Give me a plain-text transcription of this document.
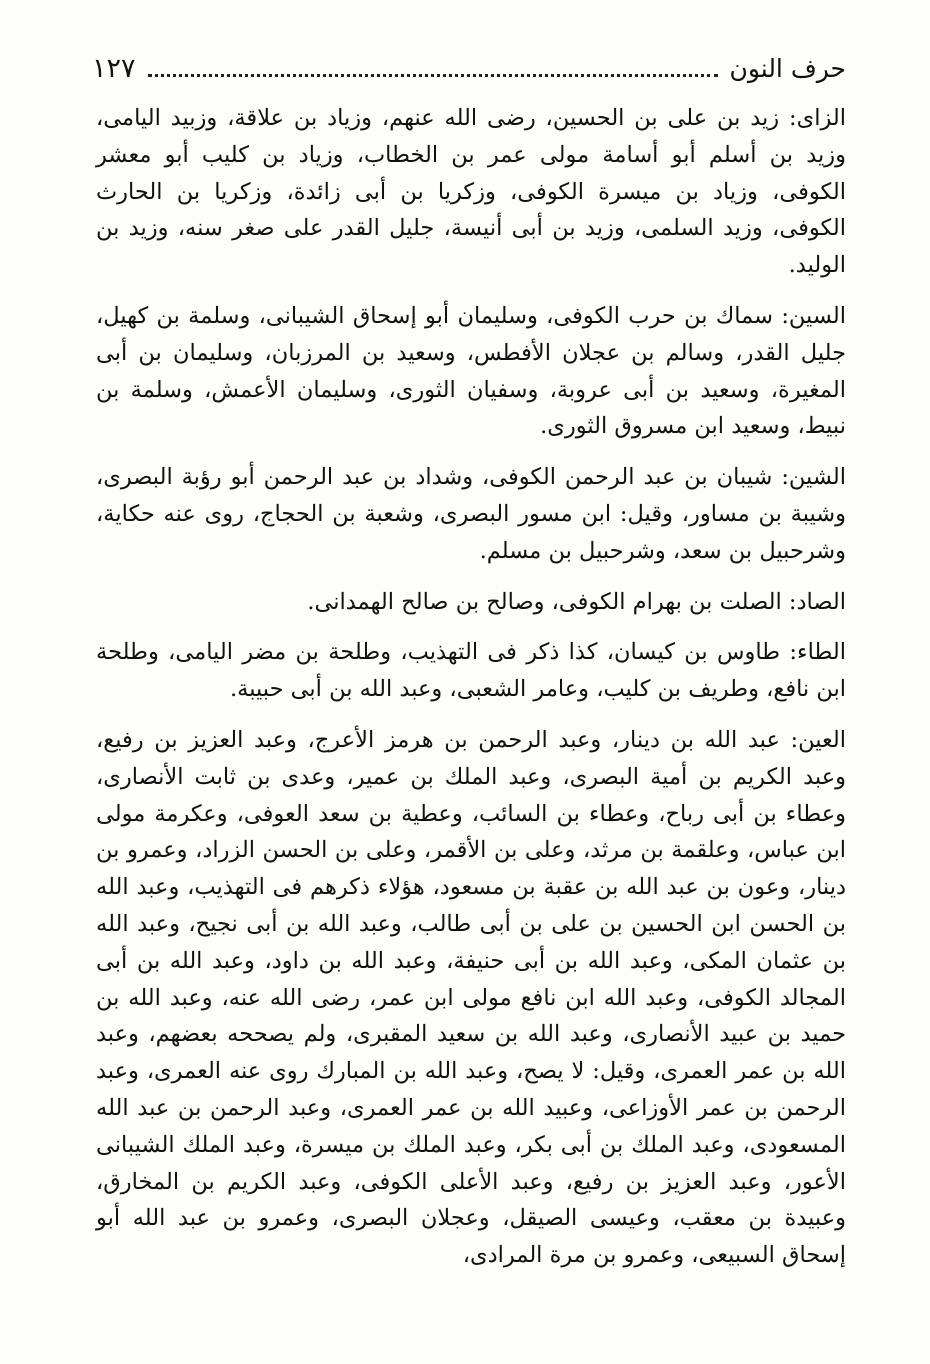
حرف النون
١٢٧

الزاى: زيد بن على بن الحسين، رضى الله عنهم، وزياد بن علاقة، وزبيد اليامى، وزيد بن أسلم أبو أسامة مولى عمر بن الخطاب، وزياد بن كليب أبو معشر الكوفى، وزياد بن ميسرة الكوفى، وزكريا بن أبى زائدة، وزكريا بن الحارث الكوفى، وزيد السلمى، وزيد بن أبى أنيسة، جليل القدر على صغر سنه، وزيد بن الوليد.

السين: سماك بن حرب الكوفى، وسليمان أبو إسحاق الشيبانى، وسلمة بن كهيل، جليل القدر، وسالم بن عجلان الأفطس، وسعيد بن المرزبان، وسليمان بن أبى المغيرة، وسعيد بن أبى عروبة، وسفيان الثورى، وسليمان الأعمش، وسلمة بن نبيط، وسعيد ابن مسروق الثورى.

الشين: شيبان بن عبد الرحمن الكوفى، وشداد بن عبد الرحمن أبو رؤبة البصرى، وشيبة بن مساور، وقيل: ابن مسور البصرى، وشعبة بن الحجاج، روى عنه حكاية، وشرحبيل بن سعد، وشرحبيل بن مسلم.

الصاد: الصلت بن بهرام الكوفى، وصالح بن صالح الهمدانى.

الطاء: طاوس بن كيسان، كذا ذكر فى التهذيب، وطلحة بن مضر اليامى، وطلحة ابن نافع، وطريف بن كليب، وعامر الشعبى، وعبد الله بن أبى حبيبة.

العين: عبد الله بن دينار، وعبد الرحمن بن هرمز الأعرج، وعبد العزيز بن رفيع، وعبد الكريم بن أمية البصرى، وعبد الملك بن عمير، وعدى بن ثابت الأنصارى، وعطاء بن أبى رباح، وعطاء بن السائب، وعطية بن سعد العوفى، وعكرمة مولى ابن عباس، وعلقمة بن مرثد، وعلى بن الأقمر، وعلى بن الحسن الزراد، وعمرو بن دينار، وعون بن عبد الله بن عقبة بن مسعود، هؤلاء ذكرهم فى التهذيب، وعبد الله بن الحسن ابن الحسين بن على بن أبى طالب، وعبد الله بن أبى نجيح، وعبد الله بن عثمان المكى، وعبد الله بن أبى حنيفة، وعبد الله بن داود، وعبد الله بن أبى المجالد الكوفى، وعبد الله ابن نافع مولى ابن عمر، رضى الله عنه، وعبد الله بن حميد بن عبيد الأنصارى، وعبد الله بن سعيد المقبرى، ولم يصححه بعضهم، وعبد الله بن عمر العمرى، وقيل: لا يصح، وعبد الله بن المبارك روى عنه العمرى، وعبد الرحمن بن عمر الأوزاعى، وعبيد الله بن عمر العمرى، وعبد الرحمن بن عبد الله المسعودى، وعبد الملك بن أبى بكر، وعبد الملك بن ميسرة، وعبد الملك الشيبانى الأعور، وعبد العزيز بن رفيع، وعبد الأعلى الكوفى، وعبد الكريم بن المخارق، وعبيدة بن معقب، وعيسى الصيقل، وعجلان البصرى، وعمرو بن عبد الله أبو إسحاق السبيعى، وعمرو بن مرة المرادى،
